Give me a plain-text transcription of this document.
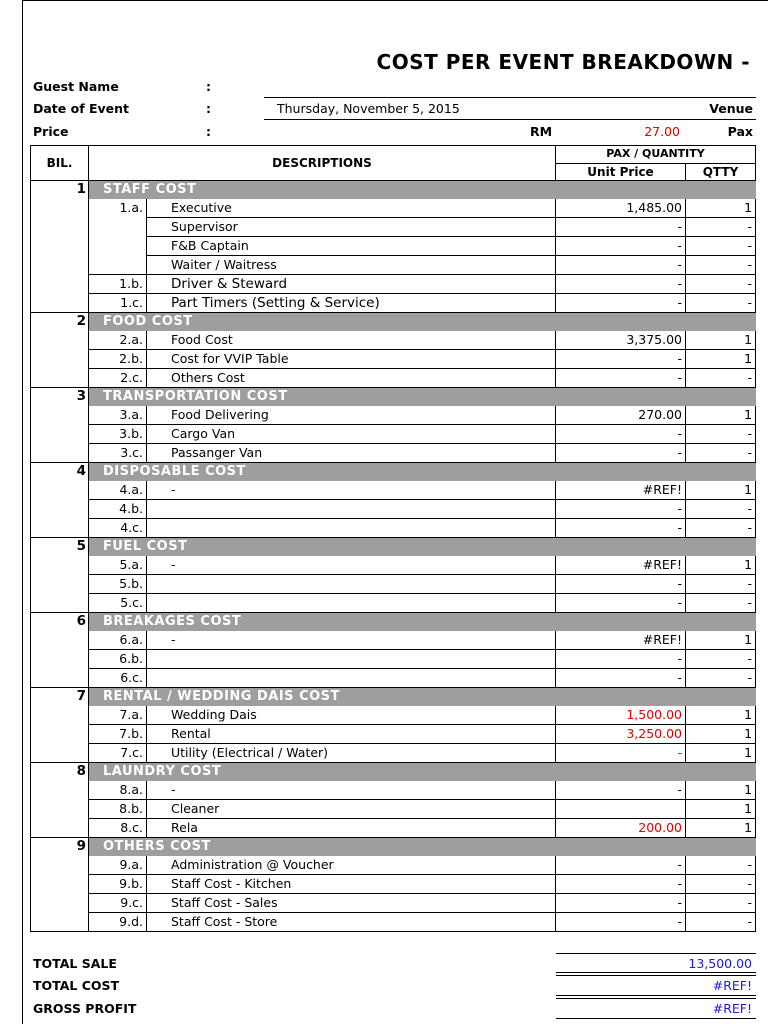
COST PER EVENT BREAKDOWN -
Guest Name	:
Date of Event	:	Thursday, November 5, 2015	Venue
Price	:	RM	27.00	Pax
BIL.	DESCRIPTIONS		PAX / QUANTITY	
			Unit Price	QTTY
1	STAFF COST			
	1.a.	Executive	1,485.00	1
		Supervisor	-	-
		F&B Captain	-	-
		Waiter / Waitress	-	-
	1.b.	Driver & Steward	-	-
	1.c.	Part Timers (Setting & Service)	-	-
2	FOOD COST			
	2.a.	Food Cost	3,375.00	1
	2.b.	Cost for VVIP Table	-	1
	2.c.	Others Cost	-	-
3	TRANSPORTATION COST			
	3.a.	Food Delivering	270.00	1
	3.b.	Cargo Van	-	-
	3.c.	Passanger Van	-	-
4	DISPOSABLE COST			
	4.a.	-	#REF!	1
	4.b.		-	-
	4.c.		-	-
5	FUEL COST			
	5.a.	-	#REF!	1
	5.b.		-	-
	5.c.		-	-
6	BREAKAGES COST			
	6.a.	-	#REF!	1
	6.b.		-	-
	6.c.		-	-
7	RENTAL / WEDDING DAIS COST			
	7.a.	Wedding Dais	1,500.00	1
	7.b.	Rental	3,250.00	1
	7.c.	Utility (Electrical / Water)	-	1
8	LAUNDRY COST			
	8.a.	-	-	1
	8.b.	Cleaner		1
	8.c.	Rela	200.00	1
9	OTHERS COST			
	9.a.	Administration @ Voucher	-	-
	9.b.	Staff Cost - Kitchen	-	-
	9.c.	Staff Cost - Sales	-	-
	9.d.	Staff Cost - Store	-	-
TOTAL SALE	13,500.00
TOTAL COST	#REF!
GROSS PROFIT	#REF!
